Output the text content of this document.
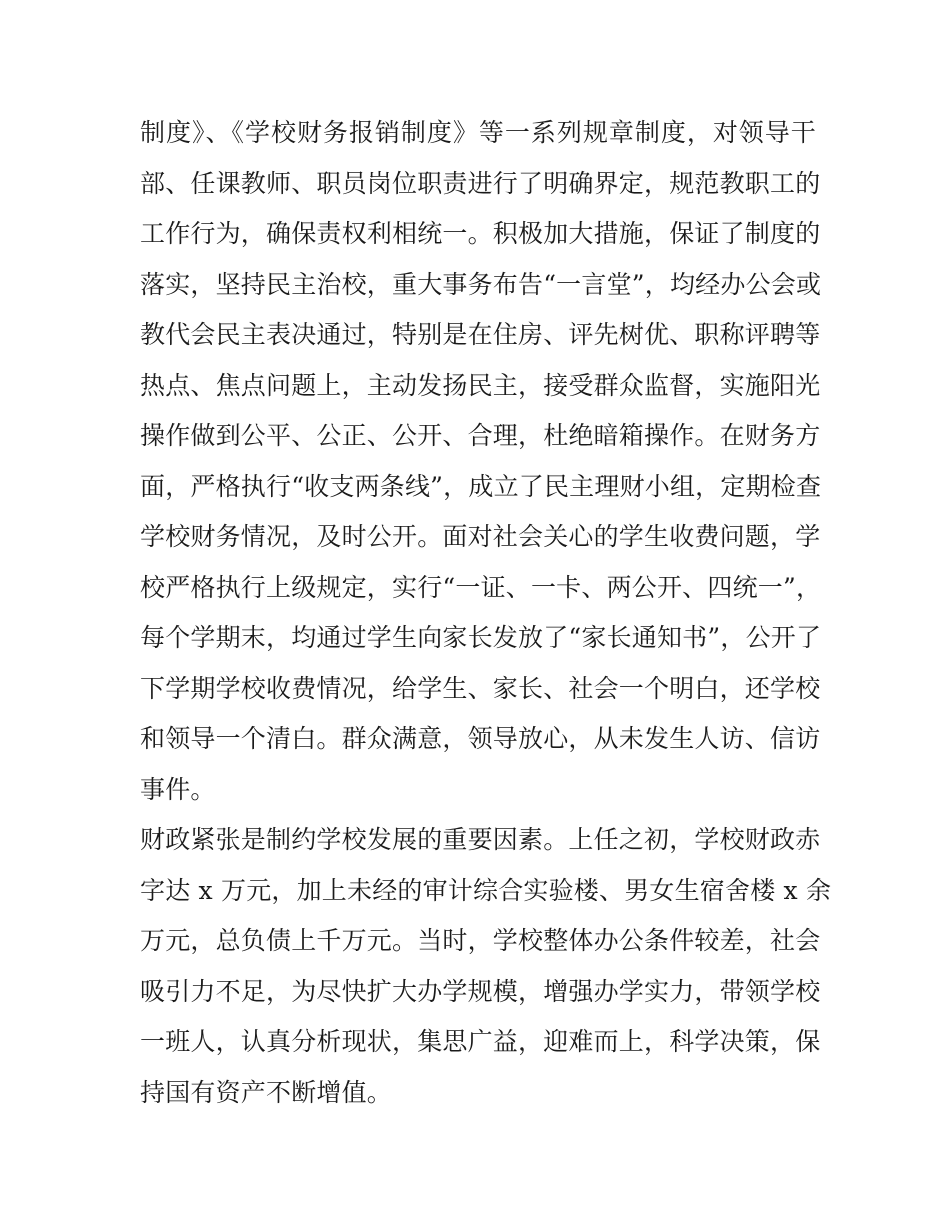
制度》、《学校财务报销制度》等一系列规章制度，对领导干
部、任课教师、职员岗位职责进行了明确界定，规范教职工的
工作行为，确保责权利相统一。积极加大措施，保证了制度的
落实，坚持民主治校，重大事务布告“一言堂”，均经办公会或
教代会民主表决通过，特别是在住房、评先树优、职称评聘等
热点、焦点问题上，主动发扬民主，接受群众监督，实施阳光
操作做到公平、公正、公开、合理，杜绝暗箱操作。在财务方
面，严格执行“收支两条线”，成立了民主理财小组，定期检查
学校财务情况，及时公开。面对社会关心的学生收费问题，学
校严格执行上级规定，实行“一证、一卡、两公开、四统一”，
每个学期末，均通过学生向家长发放了“家长通知书”，公开了
下学期学校收费情况，给学生、家长、社会一个明白，还学校
和领导一个清白。群众满意，领导放心，从未发生人访、信访
事件。
财政紧张是制约学校发展的重要因素。上任之初，学校财政赤
字达 x 万元，加上未经的审计综合实验楼、男女生宿舍楼 x 余
万元，总负债上千万元。当时，学校整体办公条件较差，社会
吸引力不足，为尽快扩大办学规模，增强办学实力，带领学校
一班人，认真分析现状，集思广益，迎难而上，科学决策，保
持国有资产不断增值。
